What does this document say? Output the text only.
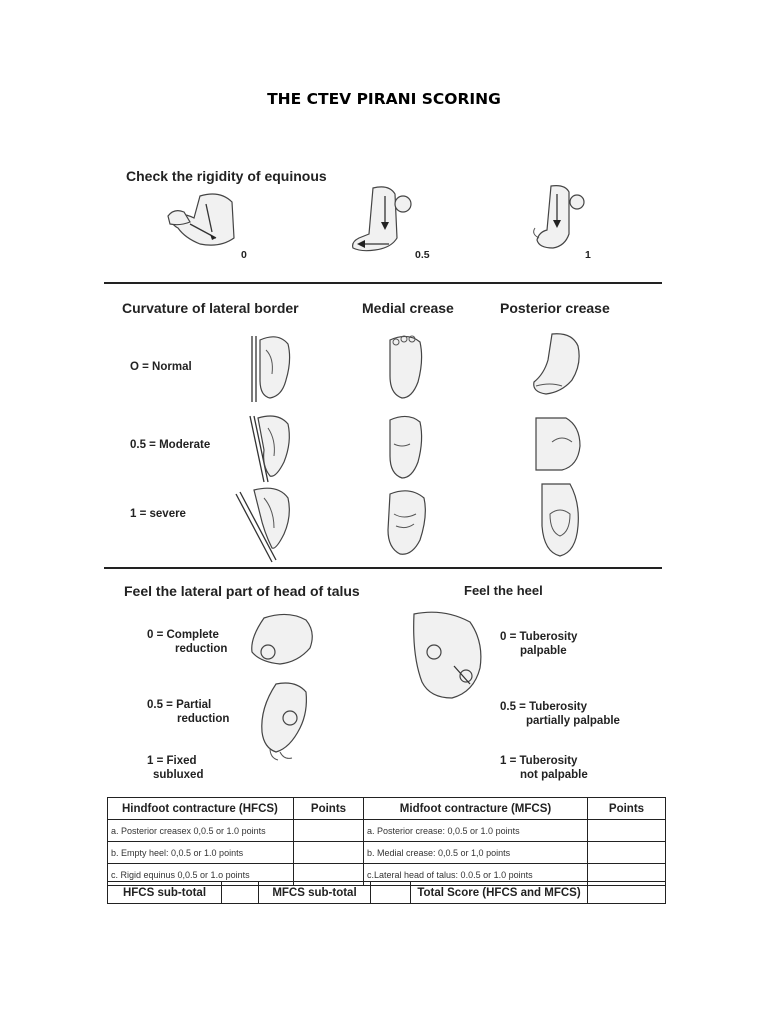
THE CTEV PIRANI SCORING
Check the rigidity of equinous
0	0.5	1
Curvature of lateral border	Medial crease	Posterior crease
O = Normal
0.5 = Moderate
1 = severe
Feel the lateral part of head of talus	Feel the heel
0 = Complete
reduction
0.5 = Partial
reduction
1 = Fixed
subluxed
0 = Tuberosity
palpable
0.5 = Tuberosity
partially palpable
1 = Tuberosity
not palpable
Hindfoot contracture (HFCS)	Points	Midfoot contracture (MFCS)	Points
a. Posterior creasex 0,0.5 or 1.0 points		a. Posterior crease: 0,0.5 or 1.0 points	
b. Empty heel: 0,0.5 or 1.0 points		b. Medial crease: 0,0.5 or 1,0 points	
c. Rigid equinus 0,0.5 or 1.o points		c.Lateral head of talus: 0.0.5 or 1.0 points	
HFCS sub-total		MFCS sub-total		Total Score (HFCS and MFCS)	
